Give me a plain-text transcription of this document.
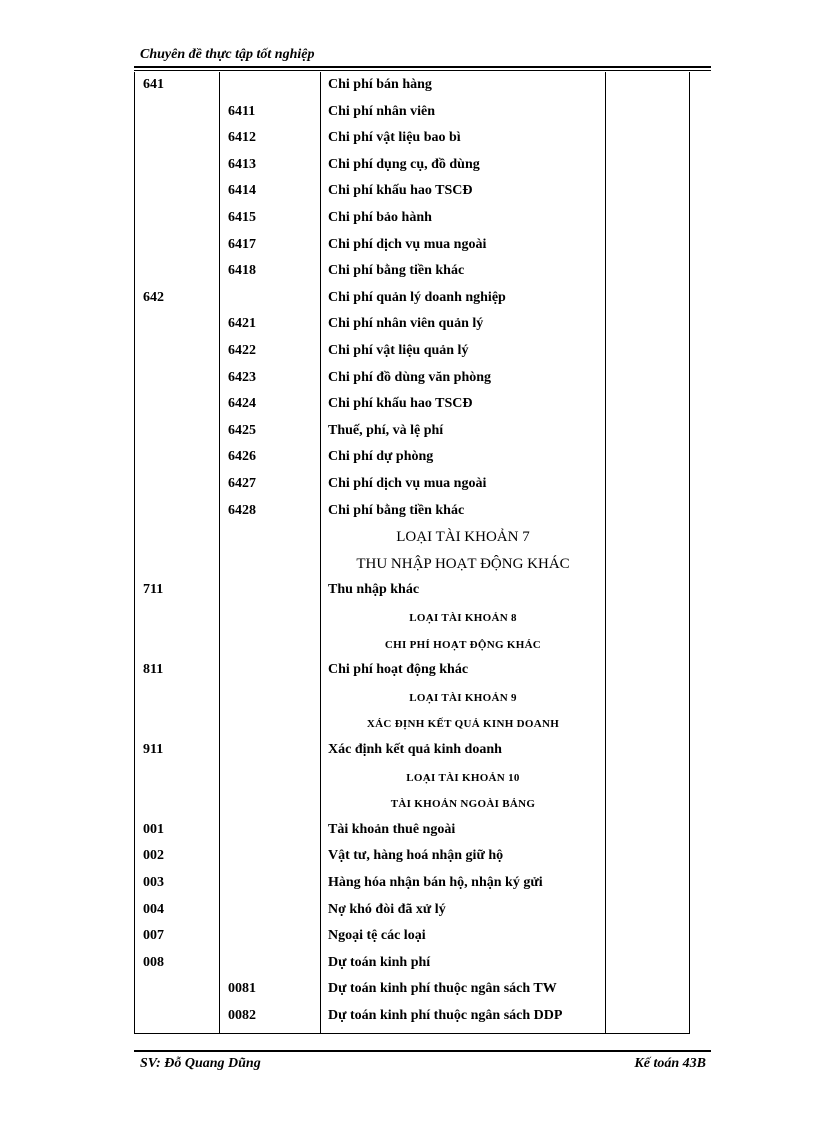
Chuyên đề thực tập tốt nghiệp
641	Chi phí bán hàng
6411	Chi phí nhân viên
6412	Chi phí vật liệu bao bì
6413	Chi phí dụng cụ, đồ dùng
6414	Chi phí khấu hao TSCĐ
6415	Chi phí bảo hành
6417	Chi phí dịch vụ mua ngoài
6418	Chi phí bằng tiền khác
642	Chi phí quản lý doanh nghiệp
6421	Chi phí nhân viên quản lý
6422	Chi phí vật liệu quản lý
6423	Chi phí đồ dùng văn phòng
6424	Chi phí khấu hao TSCĐ
6425	Thuế, phí, và lệ phí
6426	Chi phí dự phòng
6427	Chi phí dịch vụ mua ngoài
6428	Chi phí bằng tiền khác
LOẠI TÀI KHOẢN 7
THU NHẬP HOẠT ĐỘNG KHÁC
711	Thu nhập khác
LOẠI TÀI KHOẢN 8
CHI PHÍ HOẠT ĐỘNG KHÁC
811	Chi phí hoạt động khác
LOẠI TÀI KHOẢN 9
XÁC ĐỊNH KẾT QUẢ KINH DOANH
911	Xác định kết quả kinh doanh
LOẠI TÀI KHOẢN 10
TÀI KHOẢN NGOÀI BẢNG
001	Tài khoản thuê ngoài
002	Vật tư, hàng hoá nhận giữ hộ
003	Hàng hóa nhận bán hộ, nhận ký gửi
004	Nợ khó đòi đã xử lý
007	Ngoại tệ các loại
008	Dự toán kinh phí
0081	Dự toán kinh phí thuộc ngân sách TW
0082	Dự toán kinh phí thuộc ngân sách DDP
SV: Đỗ Quang Dũng	Kế toán 43B
